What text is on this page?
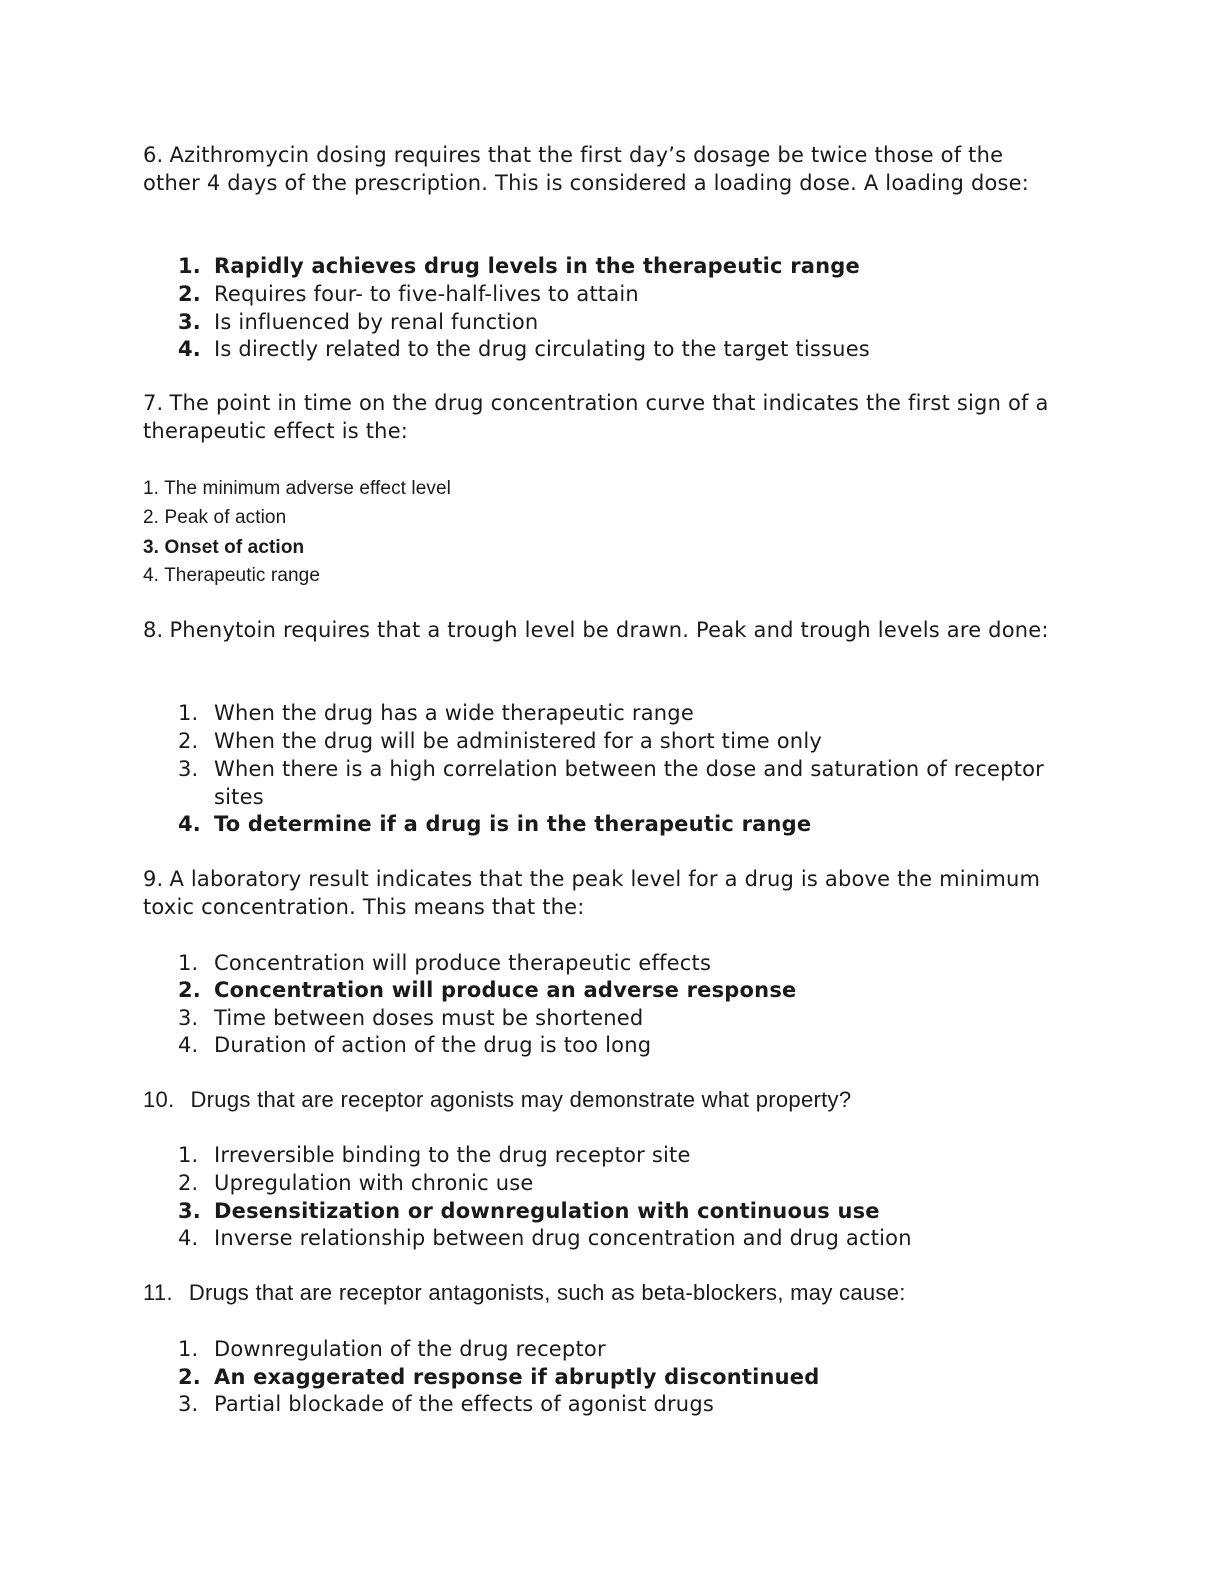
6. Azithromycin dosing requires that the first day’s dosage be twice those of the other 4 days of the prescription. This is considered a loading dose. A loading dose:
1. Rapidly achieves drug levels in the therapeutic range
2. Requires four- to five-half-lives to attain
3. Is influenced by renal function
4. Is directly related to the drug circulating to the target tissues
7. The point in time on the drug concentration curve that indicates the first sign of a therapeutic effect is the:
1. The minimum adverse effect level
2. Peak of action
3. Onset of action
4. Therapeutic range
8. Phenytoin requires that a trough level be drawn. Peak and trough levels are done:
1. When the drug has a wide therapeutic range
2. When the drug will be administered for a short time only
3. When there is a high correlation between the dose and saturation of receptor sites
4. To determine if a drug is in the therapeutic range
9. A laboratory result indicates that the peak level for a drug is above the minimum toxic concentration. This means that the:
1. Concentration will produce therapeutic effects
2. Concentration will produce an adverse response
3. Time between doses must be shortened
4. Duration of action of the drug is too long
10. Drugs that are receptor agonists may demonstrate what property?
1. Irreversible binding to the drug receptor site
2. Upregulation with chronic use
3. Desensitization or downregulation with continuous use
4. Inverse relationship between drug concentration and drug action
11. Drugs that are receptor antagonists, such as beta-blockers, may cause:
1. Downregulation of the drug receptor
2. An exaggerated response if abruptly discontinued
3. Partial blockade of the effects of agonist drugs
